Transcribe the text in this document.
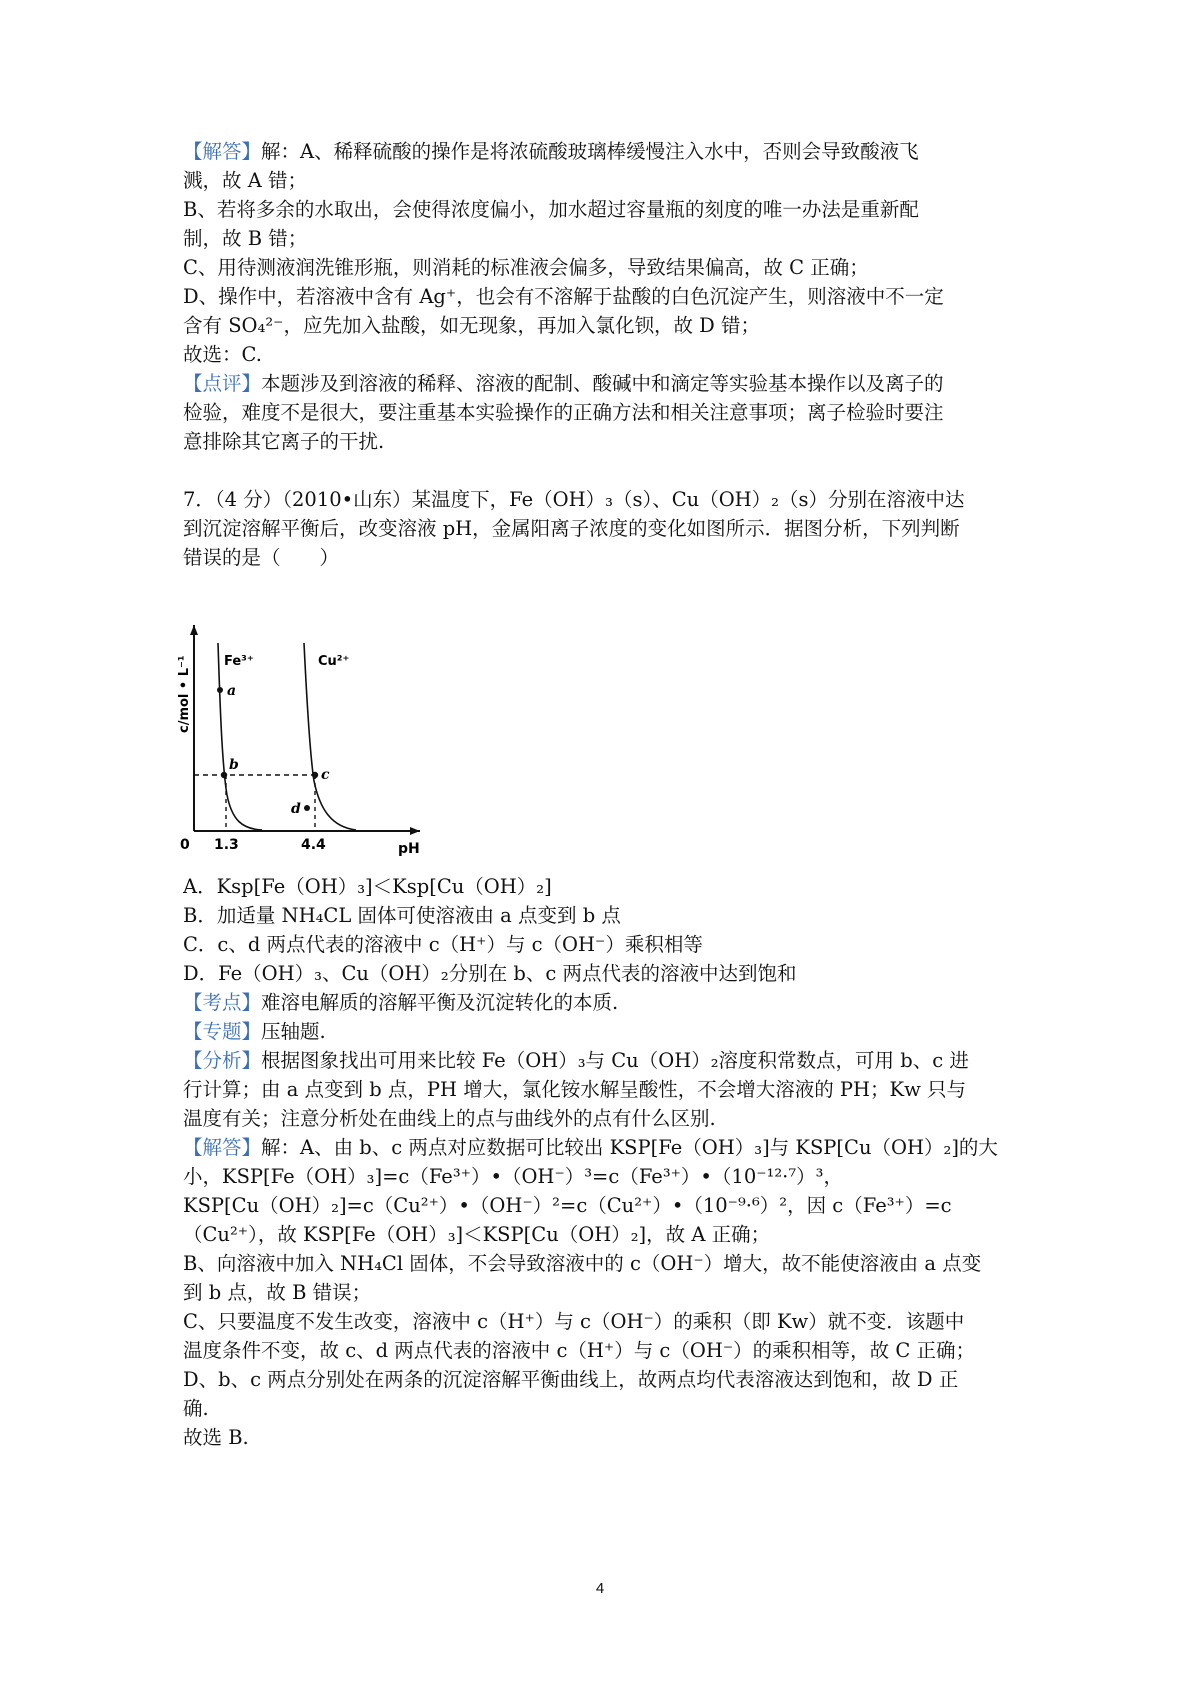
【解答】解：A、稀释硫酸的操作是将浓硫酸玻璃棒缓慢注入水中，否则会导致酸液飞
溅，故 A 错；
B、若将多余的水取出，会使得浓度偏小，加水超过容量瓶的刻度的唯一办法是重新配
制，故 B 错；
C、用待测液润洗锥形瓶，则消耗的标准液会偏多，导致结果偏高，故 C 正确；
D、操作中，若溶液中含有 Ag⁺，也会有不溶解于盐酸的白色沉淀产生，则溶液中不一定
含有 SO₄²⁻，应先加入盐酸，如无现象，再加入氯化钡，故 D 错；
故选：C.
【点评】本题涉及到溶液的稀释、溶液的配制、酸碱中和滴定等实验基本操作以及离子的
检验，难度不是很大，要注重基本实验操作的正确方法和相关注意事项；离子检验时要注
意排除其它离子的干扰.
7．（4 分）（2010•山东）某温度下，Fe（OH）₃（s）、Cu（OH）₂（s）分别在溶液中达
到沉淀溶解平衡后，改变溶液 pH，金属阳离子浓度的变化如图所示．据图分析，下列判断
错误的是（　　）
a
b
c
d
Fe³⁺	Cu²⁺
0 1.3	4.4	pH
c/mol • L⁻¹
A．Ksp[Fe（OH）₃]＜Ksp[Cu（OH）₂]
B．加适量 NH₄CL 固体可使溶液由 a 点变到 b 点
C．c、d 两点代表的溶液中 c（H⁺）与 c（OH⁻）乘积相等
D．Fe（OH）₃、Cu（OH）₂分别在 b、c 两点代表的溶液中达到饱和
【考点】难溶电解质的溶解平衡及沉淀转化的本质.
【专题】压轴题.
【分析】根据图象找出可用来比较 Fe（OH）₃与 Cu（OH）₂溶度积常数点，可用 b、c 进
行计算；由 a 点变到 b 点，PH 增大，氯化铵水解呈酸性，不会增大溶液的 PH；Kw 只与
温度有关；注意分析处在曲线上的点与曲线外的点有什么区别.
【解答】解：A、由 b、c 两点对应数据可比较出 KSP[Fe（OH）₃]与 KSP[Cu（OH）₂]的大
小，KSP[Fe（OH）₃]=c（Fe³⁺）•（OH⁻）³=c（Fe³⁺）•（10⁻¹²·⁷）³，
KSP[Cu（OH）₂]=c（Cu²⁺）•（OH⁻）²=c（Cu²⁺）•（10⁻⁹·⁶）²，因 c（Fe³⁺）=c
（Cu²⁺），故 KSP[Fe（OH）₃]＜KSP[Cu（OH）₂]，故 A 正确；
B、向溶液中加入 NH₄Cl 固体，不会导致溶液中的 c（OH⁻）增大，故不能使溶液由 a 点变
到 b 点，故 B 错误；
C、只要温度不发生改变，溶液中 c（H⁺）与 c（OH⁻）的乘积（即 Kw）就不变．该题中
温度条件不变，故 c、d 两点代表的溶液中 c（H⁺）与 c（OH⁻）的乘积相等，故 C 正确；
D、b、c 两点分别处在两条的沉淀溶解平衡曲线上，故两点均代表溶液达到饱和，故 D 正
确.
故选 B.
4
